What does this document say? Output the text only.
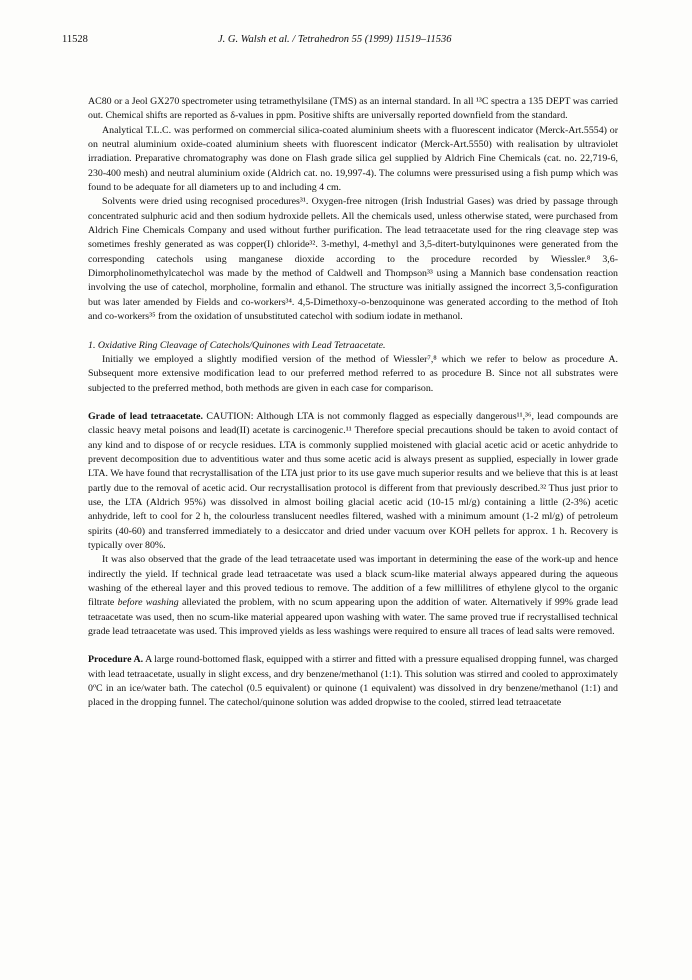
11528	J. G. Walsh et al. / Tetrahedron 55 (1999) 11519–11536

AC80 or a Jeol GX270 spectrometer using tetramethylsilane (TMS) as an internal standard. In all ¹³C spectra a 135 DEPT was carried out. Chemical shifts are reported as δ-values in ppm. Positive shifts are universally reported downfield from the standard.

Analytical T.L.C. was performed on commercial silica-coated aluminium sheets with a fluorescent indicator (Merck-Art.5554) or on neutral aluminium oxide-coated aluminium sheets with fluorescent indicator (Merck-Art.5550) with realisation by ultraviolet irradiation. Preparative chromatography was done on Flash grade silica gel supplied by Aldrich Fine Chemicals (cat. no. 22,719-6, 230-400 mesh) and neutral aluminium oxide (Aldrich cat. no. 19,997-4). The columns were pressurised using a fish pump which was found to be adequate for all diameters up to and including 4 cm.

Solvents were dried using recognised procedures³¹. Oxygen-free nitrogen (Irish Industrial Gases) was dried by passage through concentrated sulphuric acid and then sodium hydroxide pellets. All the chemicals used, unless otherwise stated, were purchased from Aldrich Fine Chemicals Company and used without further purification. The lead tetraacetate used for the ring cleavage step was sometimes freshly generated as was copper(I) chloride³². 3-methyl, 4-methyl and 3,5-ditert-butylquinones were generated from the corresponding catechols using manganese dioxide according to the procedure recorded by Wiessler.⁸ 3,6-Dimorpholinomethylcatechol was made by the method of Caldwell and Thompson³³ using a Mannich base condensation reaction involving the use of catechol, morpholine, formalin and ethanol. The structure was initially assigned the incorrect 3,5-configuration but was later amended by Fields and co-workers³⁴. 4,5-Dimethoxy-o-benzoquinone was generated according to the method of Itoh and co-workers³⁵ from the oxidation of unsubstituted catechol with sodium iodate in methanol.

1. Oxidative Ring Cleavage of Catechols/Quinones with Lead Tetraacetate.

Initially we employed a slightly modified version of the method of Wiessler⁷,⁸ which we refer to below as procedure A. Subsequent more extensive modification lead to our preferred method referred to as procedure B. Since not all substrates were subjected to the preferred method, both methods are given in each case for comparison.

Grade of lead tetraacetate. CAUTION: Although LTA is not commonly flagged as especially dangerous¹¹,³⁶, lead compounds are classic heavy metal poisons and lead(II) acetate is carcinogenic.¹¹ Therefore special precautions should be taken to avoid contact of any kind and to dispose of or recycle residues. LTA is commonly supplied moistened with glacial acetic acid or acetic anhydride to prevent decomposition due to adventitious water and thus some acetic acid is always present as supplied, especially in lower grade LTA. We have found that recrystallisation of the LTA just prior to its use gave much superior results and we believe that this is at least partly due to the removal of acetic acid. Our recrystallisation protocol is different from that previously described.³² Thus just prior to use, the LTA (Aldrich 95%) was dissolved in almost boiling glacial acetic acid (10-15 ml/g) containing a little (2-3%) acetic anhydride, left to cool for 2 h, the colourless translucent needles filtered, washed with a minimum amount (1-2 ml/g) of petroleum spirits (40-60) and transferred immediately to a desiccator and dried under vacuum over KOH pellets for approx. 1 h. Recovery is typically over 80%.

It was also observed that the grade of the lead tetraacetate used was important in determining the ease of the work-up and hence indirectly the yield. If technical grade lead tetraacetate was used a black scum-like material always appeared during the aqueous washing of the ethereal layer and this proved tedious to remove. The addition of a few millilitres of ethylene glycol to the organic filtrate before washing alleviated the problem, with no scum appearing upon the addition of water. Alternatively if 99% grade lead tetraacetate was used, then no scum-like material appeared upon washing with water. The same proved true if recrystallised technical grade lead tetraacetate was used. This improved yields as less washings were required to ensure all traces of lead salts were removed.

Procedure A. A large round-bottomed flask, equipped with a stirrer and fitted with a pressure equalised dropping funnel, was charged with lead tetraacetate, usually in slight excess, and dry benzene/methanol (1:1). This solution was stirred and cooled to approximately 0ºC in an ice/water bath. The catechol (0.5 equivalent) or quinone (1 equivalent) was dissolved in dry benzene/methanol (1:1) and placed in the dropping funnel. The catechol/quinone solution was added dropwise to the cooled, stirred lead tetraacetate
